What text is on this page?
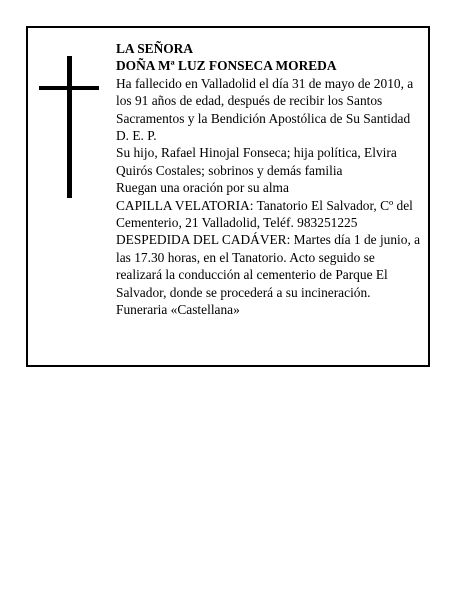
LA SEÑORA

DOÑA Mª LUZ FONSECA MOREDA

Ha fallecido en Valladolid el día 31 de mayo de 2010, a los 91 años de edad, después de recibir los Santos Sacramentos y la Bendición Apostólica de Su Santidad

D. E. P.

Su hijo, Rafael Hinojal Fonseca; hija política, Elvira Quirós Costales; sobrinos y demás familia

Ruegan una oración por su alma

CAPILLA VELATORIA: Tanatorio El Salvador, Cº del Cementerio, 21 Valladolid, Teléf. 983251225

DESPEDIDA DEL CADÁVER: Martes día 1 de junio, a las 17.30 horas, en el Tanatorio. Acto seguido se realizará la conducción al cementerio de Parque El Salvador, donde se procederá a su incineración.

Funeraria «Castellana»
